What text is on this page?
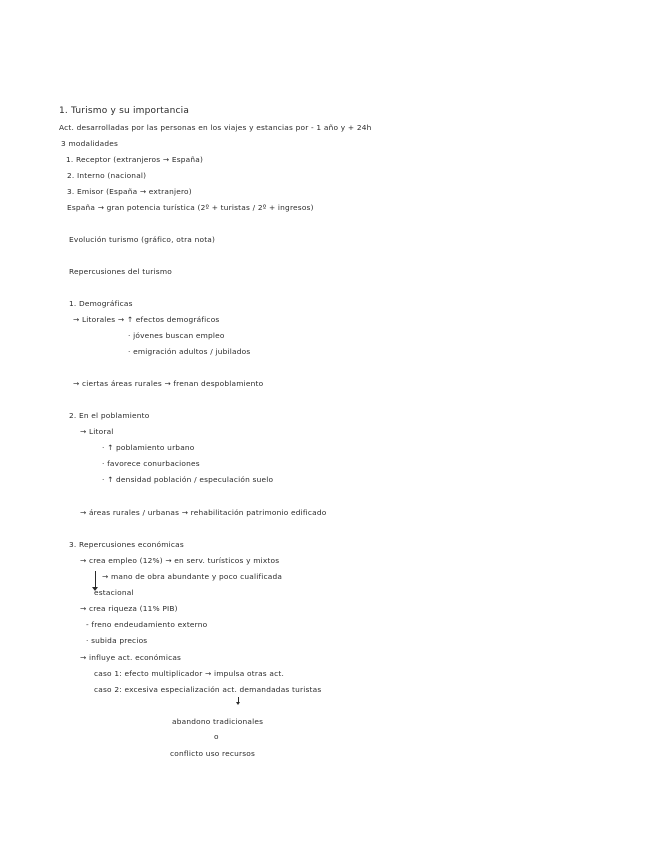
1. Turismo y su importancia
Act. desarrolladas por las personas en los viajes y estancias por - 1 año y + 24h
3 modalidades
1. Receptor (extranjeros → España)
2. Interno (nacional)
3. Emisor (España → extranjero)
España → gran potencia turística (2º + turistas / 2º + ingresos)
Evolución turismo (gráfico, otra nota)
Repercusiones del turismo
1. Demográficas
→ Litorales → ↑ efectos demográficos
· jóvenes buscan empleo
· emigración adultos / jubilados
→ ciertas áreas rurales → frenan despoblamiento
2. En el poblamiento
→ Litoral
· ↑ poblamiento urbano
· favorece conurbaciones
· ↑ densidad población / especulación suelo
→ áreas rurales / urbanas → rehabilitación patrimonio edificado
3. Repercusiones económicas
→ crea empleo (12%) → en serv. turísticos y mixtos
→ mano de obra abundante y poco cualificada
estacional
→ crea riqueza (11% PIB)
- freno endeudamiento externo
· subida precios
→ influye act. económicas
caso 1: efecto multiplicador → impulsa otras act.
caso 2: excesiva especialización act. demandadas turistas
abandono tradicionales
o
conflicto uso recursos
